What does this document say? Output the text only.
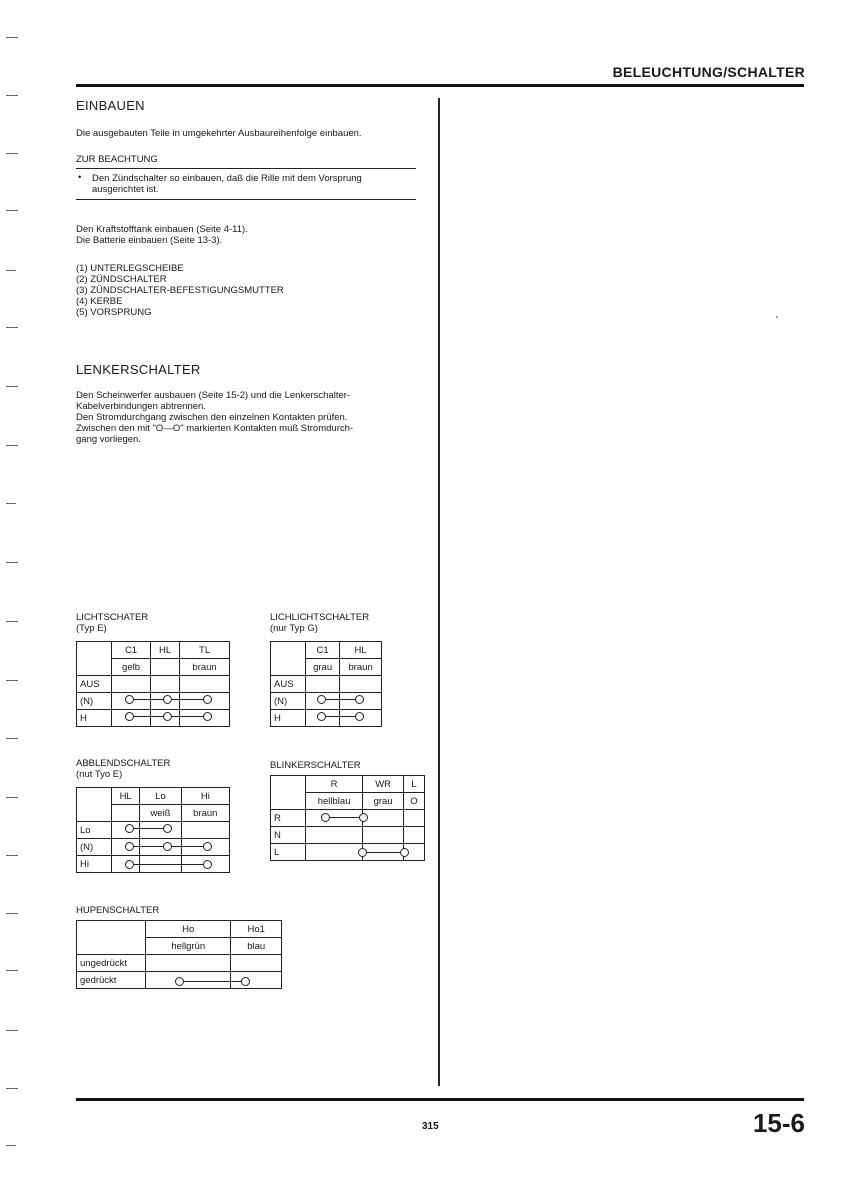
BELEUCHTUNG/SCHALTER
EINBAUEN
Die ausgebauten Teile in umgekehrter Ausbaureihenfolge einbauen.
ZUR BEACHTUNG
• Den Zündschalter so einbauen, daß die Rille mit dem Vorsprung
ausgerichtet ist.
Den Kraftstofftank einbauen (Seite 4-11).
Die Batterie einbauen (Seite 13-3).
(1) UNTERLEGSCHEIBE
(2) ZÜNDSCHALTER
(3) ZÜNDSCHALTER-BEFESTIGUNGSMUTTER
(4) KERBE
(5) VORSPRUNG
LENKERSCHALTER
Den Scheinwerfer ausbauen (Seite 15-2) und die Lenkerschalter-
Kabelverbindungen abtrennen.
Den Stromdurchgang zwischen den einzelnen Kontakten prüfen.
Zwischen den mit "O—O" markierten Kontakten muß Stromdurch-
gang vorliegen.
LICHTSCHATER
(Typ E)
	C1	HL	TL
	gelb		braun
AUS			
(N)			
H			
LICHLICHTSCHALTER
(nur Typ G)
	C1	HL
	grau	braun
AUS		
(N)		
H		
ABBLENDSCHALTER
(nut Tyo E)
	HL	Lo	Hi
		weiß	braun
Lo			
(N)			
Hi			
BLINKERSCHALTER
	R	WR	L
	hellblau	grau	O
R			
N			
L			
HUPENSCHALTER
	Ho	Ho1
	hellgrün	blau
ungedrückt		
gedrückt		
315	15-6
